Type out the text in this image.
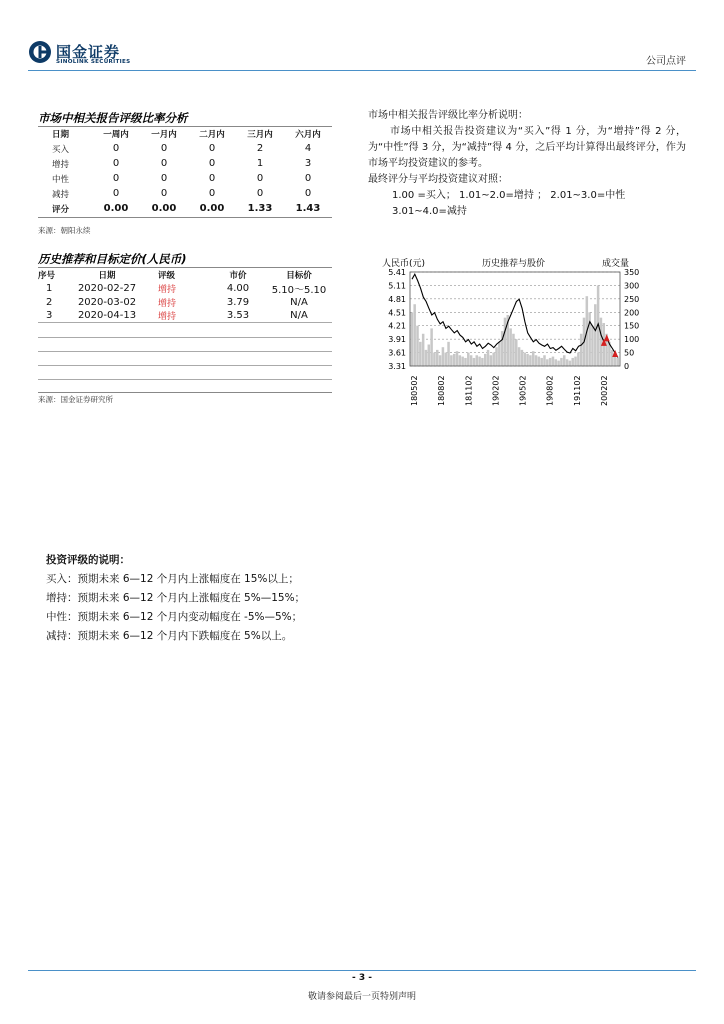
国金证券
SINOLINK SECURITIES	公司点评
市场中相关报告评级比率分析
日期	一周内	一月内	二月内	三月内	六月内
买入	0	0	0	2	4
增持	0	0	0	1	3
中性	0	0	0	0	0
减持	0	0	0	0	0
评分	0.00	0.00	0.00	1.33	1.43
来源：朝阳永续
市场中相关报告评级比率分析说明：
市场中相关报告投资建议为“买入”得 1 分，为“增持”得 2 分，为“中性”得 3 分，为“减持”得 4 分，之后平均计算得出最终评分，作为市场平均投资建议的参考。
最终评分与平均投资建议对照：
1.00 =买入； 1.01~2.0=增持 ； 2.01~3.0=中性
3.01~4.0=减持
历史推荐和目标定价(人民币)
序号	日期	评级	市价	目标价
1	2020-02-27	增持	4.00	5.10～5.10
2	2020-03-02	增持	3.79	N/A
3	2020-04-13	增持	3.53	N/A
来源：国金证券研究所
5.41
5.11
4.81
4.51
4.21
3.91
3.61
3.31
350
300
250
200
150
100
50
0
180502 180802 181102 190202 190502 190802 191102 200202
人民币(元)	历史推荐与股价	成交量
投资评级的说明：
买入：预期未来 6—12 个月内上涨幅度在 15%以上；
增持：预期未来 6—12 个月内上涨幅度在 5%—15%；
中性：预期未来 6—12 个月内变动幅度在 -5%—5%；
减持：预期未来 6—12 个月内下跌幅度在 5%以上。
- 3 -
敬请参阅最后一页特别声明
